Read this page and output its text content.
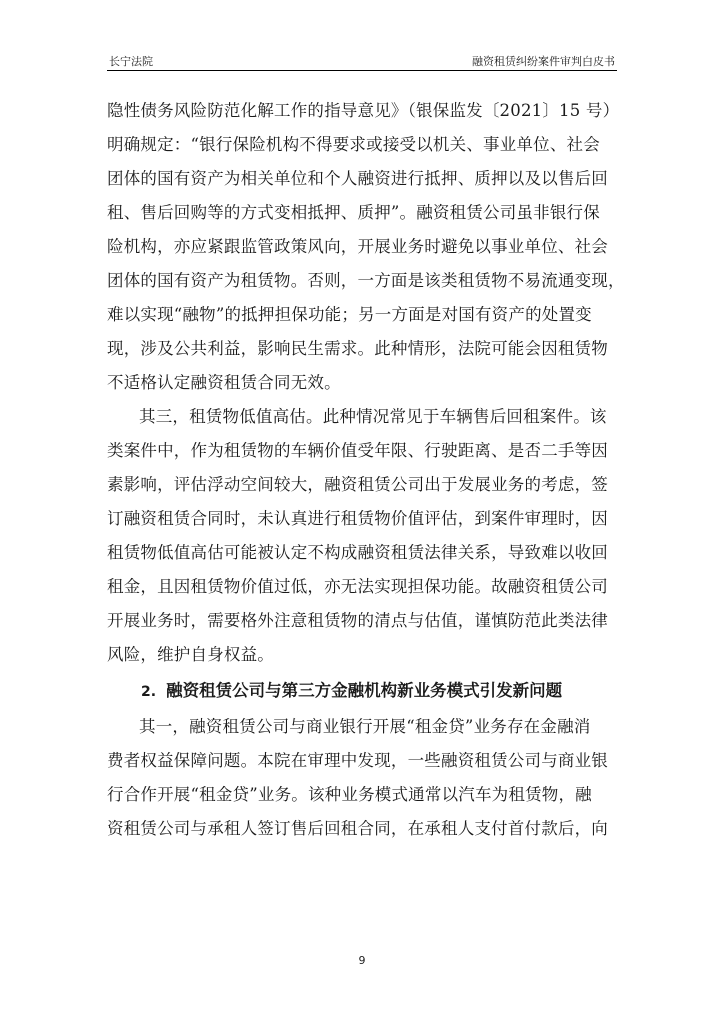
长宁法院	融资租赁纠纷案件审判白皮书
隐性债务风险防范化解工作的指导意见》（银保监发〔2021〕15 号）
明确规定：“银行保险机构不得要求或接受以机关、事业单位、社会
团体的国有资产为相关单位和个人融资进行抵押、质押以及以售后回
租、售后回购等的方式变相抵押、质押”。融资租赁公司虽非银行保
险机构，亦应紧跟监管政策风向，开展业务时避免以事业单位、社会
团体的国有资产为租赁物。否则，一方面是该类租赁物不易流通变现，
难以实现“融物”的抵押担保功能；另一方面是对国有资产的处置变
现，涉及公共利益，影响民生需求。此种情形，法院可能会因租赁物
不适格认定融资租赁合同无效。
其三，租赁物低值高估。此种情况常见于车辆售后回租案件。该
类案件中，作为租赁物的车辆价值受年限、行驶距离、是否二手等因
素影响，评估浮动空间较大，融资租赁公司出于发展业务的考虑，签
订融资租赁合同时，未认真进行租赁物价值评估，到案件审理时，因
租赁物低值高估可能被认定不构成融资租赁法律关系，导致难以收回
租金，且因租赁物价值过低，亦无法实现担保功能。故融资租赁公司
开展业务时，需要格外注意租赁物的清点与估值，谨慎防范此类法律
风险，维护自身权益。
2. 融资租赁公司与第三方金融机构新业务模式引发新问题
其一，融资租赁公司与商业银行开展“租金贷”业务存在金融消
费者权益保障问题。本院在审理中发现，一些融资租赁公司与商业银
行合作开展“租金贷”业务。该种业务模式通常以汽车为租赁物，融
资租赁公司与承租人签订售后回租合同，在承租人支付首付款后，向
9
